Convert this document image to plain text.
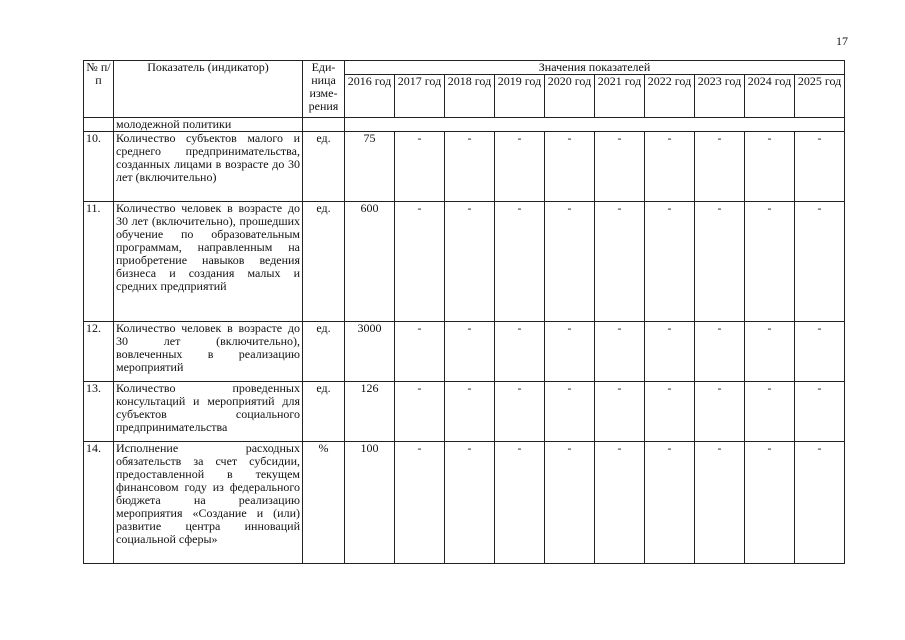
17
№ п/п	Показатель (индикатор)	Еди-ница изме-рения	Значения показателей									
			2016 год	2017 год	2018 год	2019 год	2020 год	2021 год	2022 год	2023 год	2024 год	2025 год
	молодежной политики											
10.	Количество субъектов малого и среднего предпринимательства, созданных лицами в возрасте до 30 лет (включительно)	ед.	75	-	-	-	-	-	-	-	-	-
11.	Количество человек в возрасте до 30 лет (включительно), прошедших обучение по образовательным программам, направленным на приобретение навыков ведения бизнеса и создания малых и средних предприятий	ед.	600	-	-	-	-	-	-	-	-	-
12.	Количество человек в возрасте до 30 лет (включительно), вовлеченных в реализацию мероприятий	ед.	3000	-	-	-	-	-	-	-	-	-
13.	Количество проведенных консультаций и мероприятий для субъектов социального предпринимательства	ед.	126	-	-	-	-	-	-	-	-	-
14.	Исполнение расходных обязательств за счет субсидии, предоставленной в текущем финансовом году из федерального бюджета на реализацию мероприятия «Создание и (или) развитие центра инноваций социальной сферы»	%	100	-	-	-	-	-	-	-	-	-
